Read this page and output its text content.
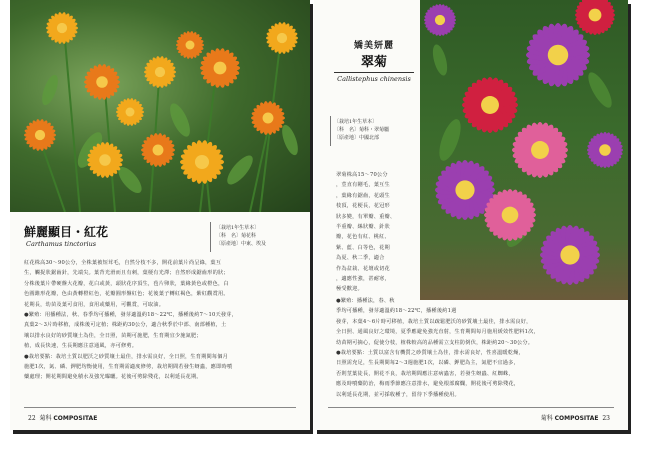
鮮麗顯目・紅花
Carthamus tinctorius
〔栽培1年生草本〕
〔科　名〕菊花科
〔原產地〕中東、埃及
紅花株高30〜90公分，全株葉被短茸毛，自然分枝不多，開花前葉片尚呈綠，葉互
生，觸捉狀鋸齒針，先端尖。葉背光滑而且有刺，葉梗有光澤；自然形成鋸齒形的狀；
分株後葉片帶硬盤大花瓣，花白或黃，頭狀花序頂生，苞片卵狀，葉緣黃色或橙色，白
色圓錐形花瓣，色由黃轉橙紅色，花瓣圓形盤紅色；花後葉子轉紅褐色，紫紅觀賞用。
花期長，幼苗及葉可食用，食用或藥用，可觀賞，可取油。
●繁殖：用播種法，秋、春季均可播種，發芽適溫約18〜22℃，播種後約7〜10天發芽，
真葉2〜3片時移植，成株後可定植；株距約30公分，適合秋季於中部、南部種植，土
壤以排水良好的砂質壤土為佳，全日照，苗期可施肥，生育期宜少施氮肥；
植，成長快速，生長期應注意通風，亦可修剪。
●栽培要點：栽培土質以肥沃之砂質壤土最佳，排水需良好，全日照，生育期間每個月
施肥1次，氮、磷、鉀肥均衡使用，生育期需適度修剪，栽培期間若發生蚜蟲，應即時噴
藥處理；開花期間避免積水及強光曝曬。花後可剪除殘花，以利延長花期。
22 菊科 COMPOSITAE
嬌美妍麗
翠菊
Callistephus chinensis
〔栽培1年生草本〕
〔科　名〕菊科・翠菊屬
〔原產地〕中國北部
翠菊株高15〜70公分
，莖直有剛毛，葉互生
，葉緣有鋸齒，花頭生
枝頂，花梗長，花冠形
狀多變，有單瓣、重瓣、
半重瓣、絲狀瓣、針狀
瓣，花色有紅、桃紅、
紫、藍、白等色，花期
為夏、秋二季，適合
作為盆栽、花壇或切花
，適應性強，甚耐寒，
極受歡迎。
●繁殖：播種法，春、秋
季均可播種，發芽適溫約18〜22℃，播種後約1週
發芽，本葉4〜6片時可移植，栽培土質以疏鬆肥沃的砂質壤土最佳，排水需良好，
全日照、通風良好之環境，夏季應避免強光直射，生育期間每月施用緩效性肥料1次，
幼苗期可摘心，促使分枝，植株較高的品種需立支柱防倒伏，株距約20〜30公分。
●栽培要點：土質以富含有機質之砂質壤土為佳，排水需良好，性喜溫暖乾燥，
日照需充足，生長期間每2〜3週施肥1次，以磷、鉀肥為主，氮肥不宜過多，
否則莖葉徒長，開花不良，栽培期間應注意病蟲害，若發生蚜蟲、紅蜘蛛，
應及時噴藥防治，梅雨季節應注意排水，避免根部腐爛，開花後可剪除殘花，
以利延長花期，並可採收種子，留待下季播種使用。
菊科 COMPOSITAE 23
